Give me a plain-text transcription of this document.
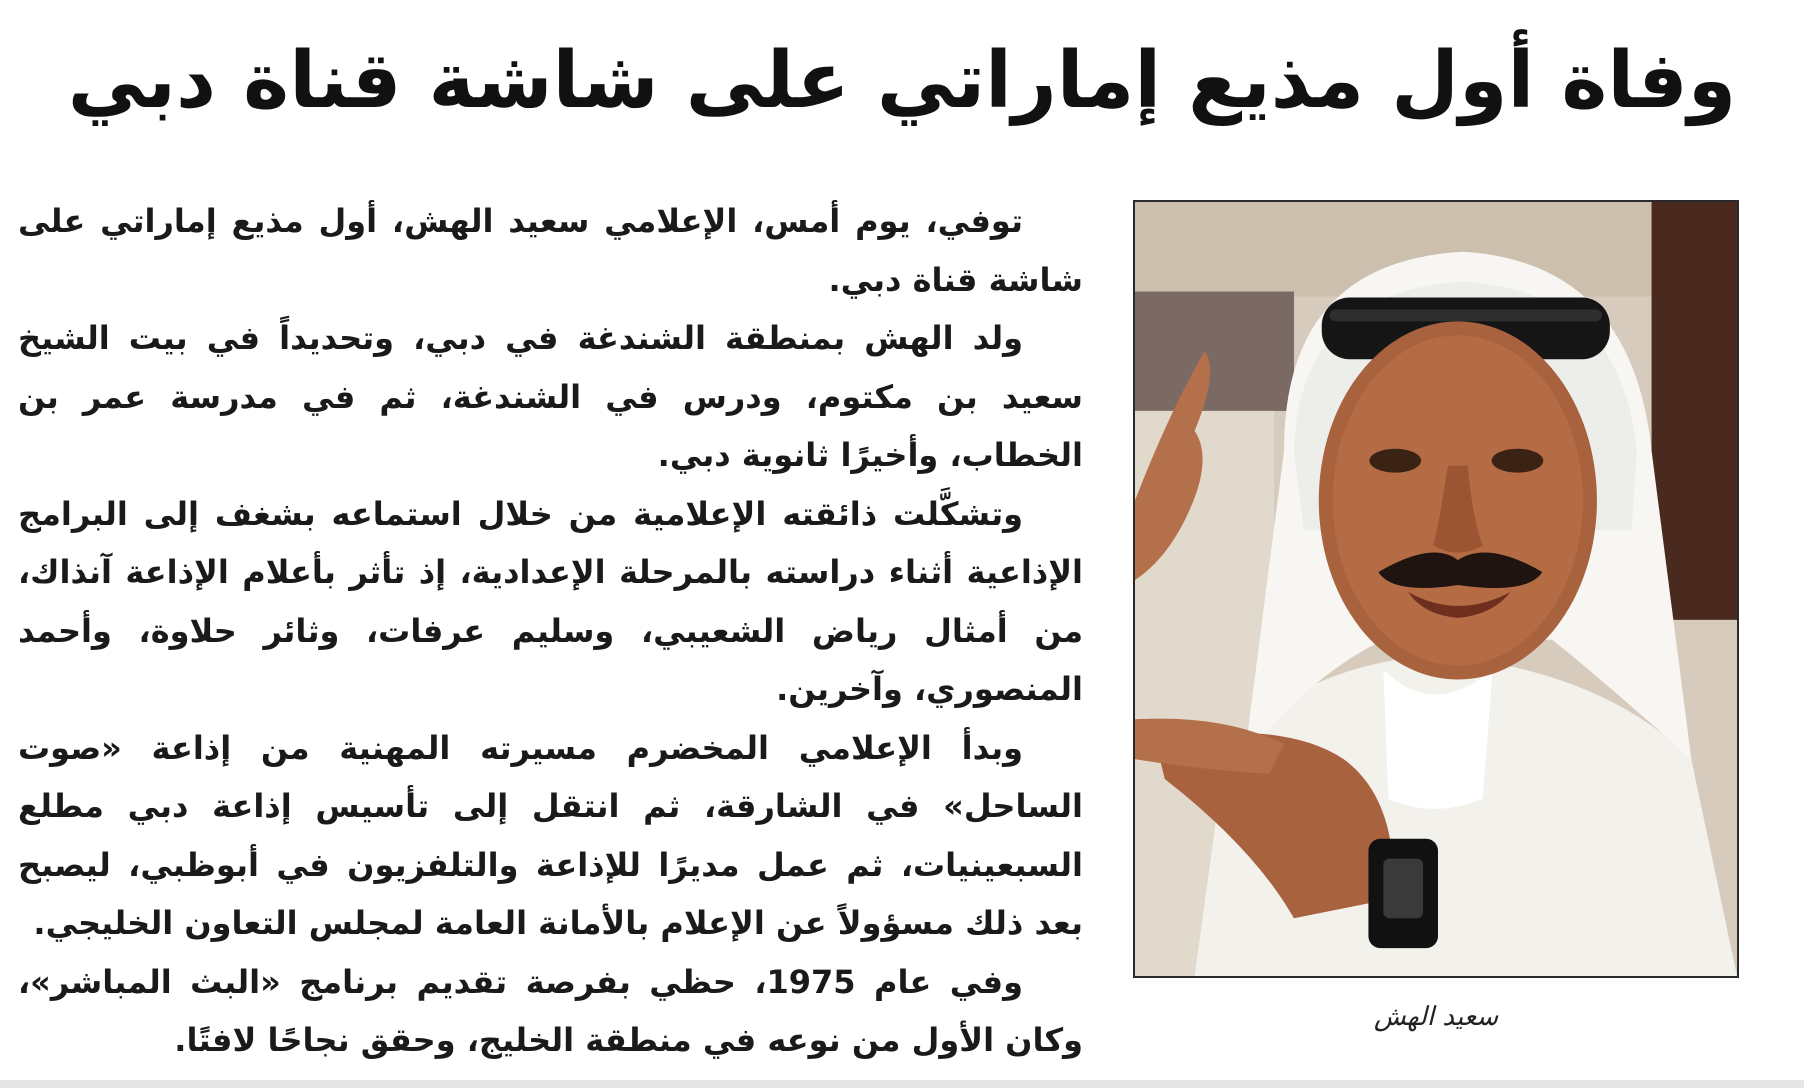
وفاة أول مذيع إماراتي على شاشة قناة دبي

توفي، يوم أمس، الإعلامي سعيد الهش، أول مذيع إماراتي على شاشة قناة دبي.

ولد الهش بمنطقة الشندغة في دبي، وتحديداً في بيت الشيخ سعيد بن مكتوم، ودرس في الشندغة، ثم في مدرسة عمر بن الخطاب، وأخيرًا ثانوية دبي.

وتشكَّلت ذائقته الإعلامية من خلال استماعه بشغف إلى البرامج الإذاعية أثناء دراسته بالمرحلة الإعدادية، إذ تأثر بأعلام الإذاعة آنذاك، من أمثال رياض الشعيبي، وسليم عرفات، وثائر حلاوة، وأحمد المنصوري، وآخرين.

وبدأ الإعلامي المخضرم مسيرته المهنية من إذاعة «صوت الساحل» في الشارقة، ثم انتقل إلى تأسيس إذاعة دبي مطلع السبعينيات، ثم عمل مديرًا للإذاعة والتلفزيون في أبوظبي، ليصبح بعد ذلك مسؤولاً عن الإعلام بالأمانة العامة لمجلس التعاون الخليجي.

وفي عام 1975، حظي بفرصة تقديم برنامج «البث المباشر»، وكان الأول من نوعه في منطقة الخليج، وحقق نجاحًا لافتًا.

سعيد الهش
